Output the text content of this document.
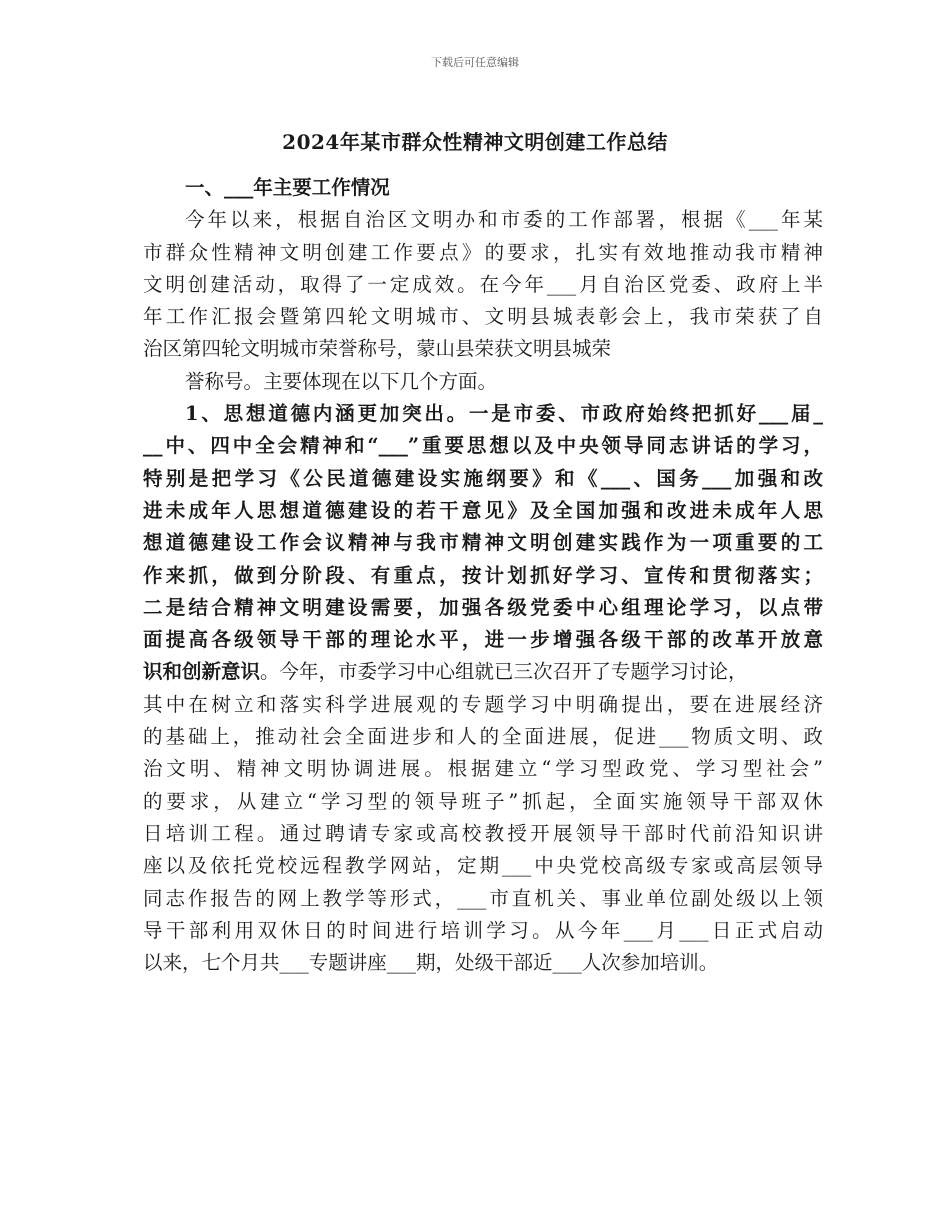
下载后可任意编辑
2024年某市群众性精神文明创建工作总结
一、___年主要工作情况
今年以来，根据自治区文明办和市委的工作部署，根据《___年某
市群众性精神文明创建工作要点》的要求，扎实有效地推动我市精神
文明创建活动，取得了一定成效。在今年___月自治区党委、政府上半
年工作汇报会暨第四轮文明城市、文明县城表彰会上，我市荣获了自
治区第四轮文明城市荣誉称号，蒙山县荣获文明县城荣
誉称号。主要体现在以下几个方面。
1、思想道德内涵更加突出。一是市委、市政府始终把抓好___届_
__中、四中全会精神和“___”重要思想以及中央领导同志讲话的学习，
特别是把学习《公民道德建设实施纲要》和《___、国务___加强和改
进未成年人思想道德建设的若干意见》及全国加强和改进未成年人思
想道德建设工作会议精神与我市精神文明创建实践作为一项重要的工
作来抓，做到分阶段、有重点，按计划抓好学习、宣传和贯彻落实；
二是结合精神文明建设需要，加强各级党委中心组理论学习，以点带
面提高各级领导干部的理论水平，进一步增强各级干部的改革开放意
识和创新意识。今年，市委学习中心组就已三次召开了专题学习讨论，
其中在树立和落实科学进展观的专题学习中明确提出，要在进展经济
的基础上，推动社会全面进步和人的全面进展，促进___物质文明、政
治文明、精神文明协调进展。根据建立“学习型政党、学习型社会”
的要求，从建立“学习型的领导班子”抓起，全面实施领导干部双休
日培训工程。通过聘请专家或高校教授开展领导干部时代前沿知识讲
座以及依托党校远程教学网站，定期___中央党校高级专家或高层领导
同志作报告的网上教学等形式，___市直机关、事业单位副处级以上领
导干部利用双休日的时间进行培训学习。从今年___月___日正式启动
以来，七个月共___专题讲座___期，处级干部近___人次参加培训。
